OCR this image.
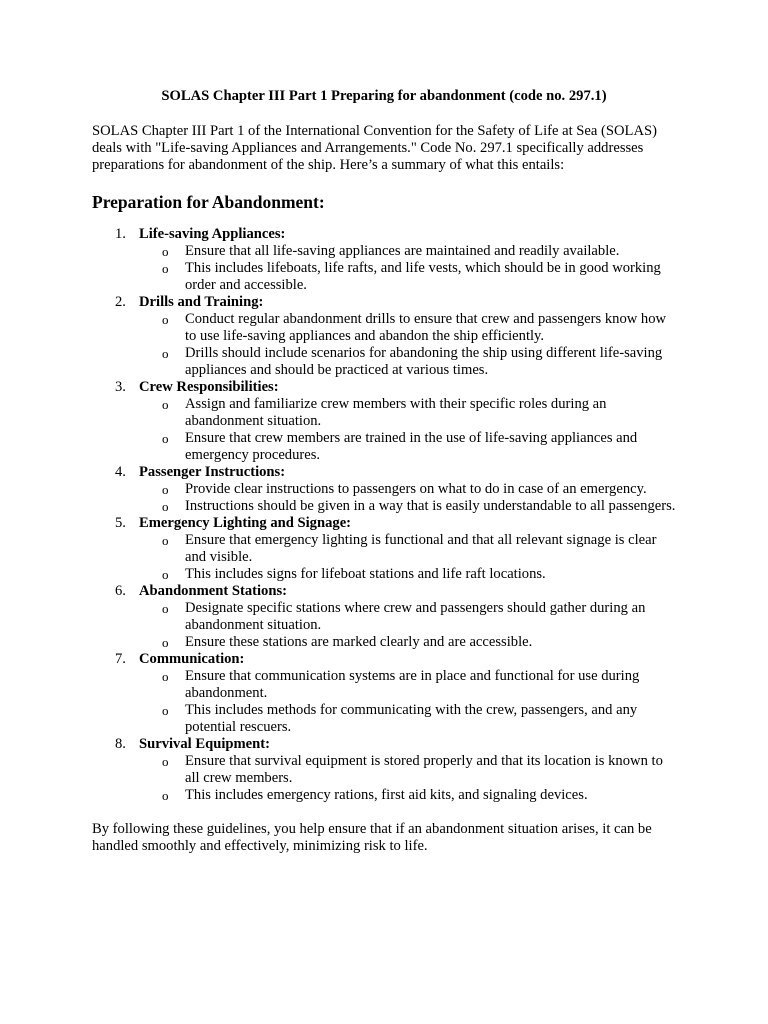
SOLAS Chapter III Part 1 Preparing for abandonment (code no. 297.1)

SOLAS Chapter III Part 1 of the International Convention for the Safety of Life at Sea (SOLAS) deals with "Life-saving Appliances and Arrangements." Code No. 297.1 specifically addresses preparations for abandonment of the ship. Here’s a summary of what this entails:

Preparation for Abandonment:
1. Life-saving Appliances:
o Ensure that all life-saving appliances are maintained and readily available.
o This includes lifeboats, life rafts, and life vests, which should be in good working order and accessible.
2. Drills and Training:
o Conduct regular abandonment drills to ensure that crew and passengers know how to use life-saving appliances and abandon the ship efficiently.
o Drills should include scenarios for abandoning the ship using different life-saving appliances and should be practiced at various times.
3. Crew Responsibilities:
o Assign and familiarize crew members with their specific roles during an abandonment situation.
o Ensure that crew members are trained in the use of life-saving appliances and emergency procedures.
4. Passenger Instructions:
o Provide clear instructions to passengers on what to do in case of an emergency.
o Instructions should be given in a way that is easily understandable to all passengers.
5. Emergency Lighting and Signage:
o Ensure that emergency lighting is functional and that all relevant signage is clear and visible.
o This includes signs for lifeboat stations and life raft locations.
6. Abandonment Stations:
o Designate specific stations where crew and passengers should gather during an abandonment situation.
o Ensure these stations are marked clearly and are accessible.
7. Communication:
o Ensure that communication systems are in place and functional for use during abandonment.
o This includes methods for communicating with the crew, passengers, and any potential rescuers.
8. Survival Equipment:
o Ensure that survival equipment is stored properly and that its location is known to all crew members.
o This includes emergency rations, first aid kits, and signaling devices.

By following these guidelines, you help ensure that if an abandonment situation arises, it can be handled smoothly and effectively, minimizing risk to life.
